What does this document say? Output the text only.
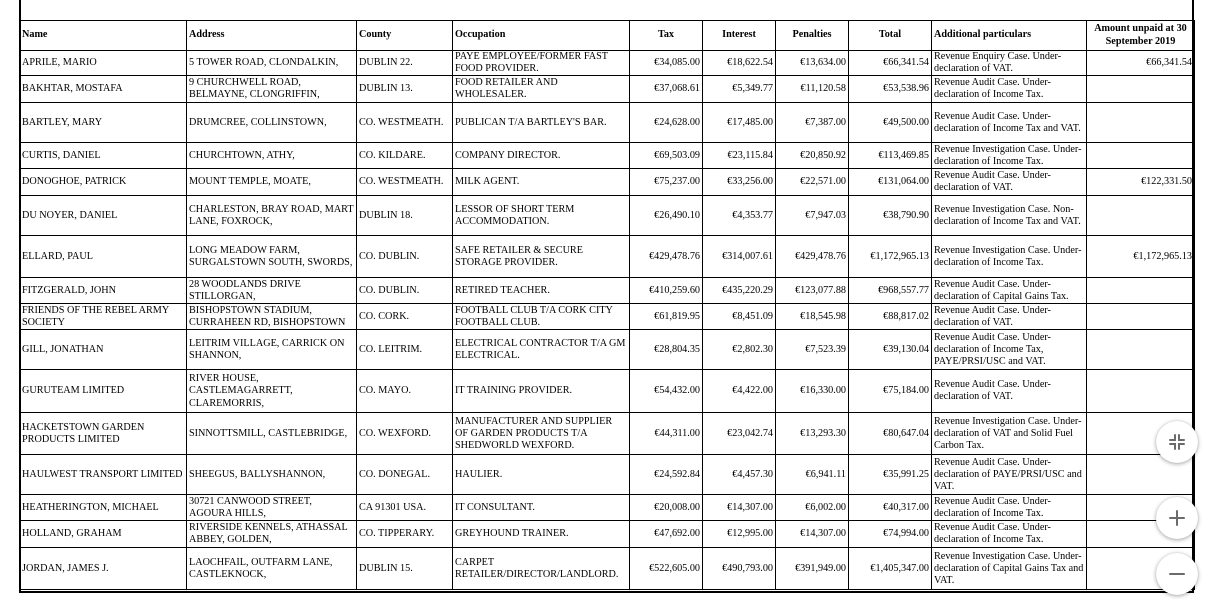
Name	Address	County	Occupation	Tax	Interest	Penalties	Total	Additional particulars	Amount unpaid at 30 September 2019
APRILE, MARIO	5 TOWER ROAD, CLONDALKIN,	DUBLIN 22.	PAYE EMPLOYEE/FORMER FAST FOOD PROVIDER.	€34,085.00	€18,622.54	€13,634.00	€66,341.54	Revenue Enquiry Case. Under-declaration of VAT.	€66,341.54
BAKHTAR, MOSTAFA	9 CHURCHWELL ROAD, BELMAYNE, CLONGRIFFIN,	DUBLIN 13.	FOOD RETAILER AND WHOLESALER.	€37,068.61	€5,349.77	€11,120.58	€53,538.96	Revenue Audit Case. Under-declaration of Income Tax.	
BARTLEY, MARY	DRUMCREE, COLLINSTOWN,	CO. WESTMEATH.	PUBLICAN T/A BARTLEY'S BAR.	€24,628.00	€17,485.00	€7,387.00	€49,500.00	Revenue Audit Case. Under-declaration of Income Tax and VAT.	
CURTIS, DANIEL	CHURCHTOWN, ATHY,	CO. KILDARE.	COMPANY DIRECTOR.	€69,503.09	€23,115.84	€20,850.92	€113,469.85	Revenue Investigation Case. Under-declaration of Income Tax.	
DONOGHOE, PATRICK	MOUNT TEMPLE, MOATE,	CO. WESTMEATH.	MILK AGENT.	€75,237.00	€33,256.00	€22,571.00	€131,064.00	Revenue Audit Case. Under-declaration of VAT.	€122,331.50
DU NOYER, DANIEL	CHARLESTON, BRAY ROAD, MART LANE, FOXROCK,	DUBLIN 18.	LESSOR OF SHORT TERM ACCOMMODATION.	€26,490.10	€4,353.77	€7,947.03	€38,790.90	Revenue Investigation Case. Non-declaration of Income Tax and VAT.	
ELLARD, PAUL	LONG MEADOW FARM, SURGALSTOWN SOUTH, SWORDS,	CO. DUBLIN.	SAFE RETAILER & SECURE STORAGE PROVIDER.	€429,478.76	€314,007.61	€429,478.76	€1,172,965.13	Revenue Investigation Case. Under-declaration of Income Tax.	€1,172,965.13
FITZGERALD, JOHN	28 WOODLANDS DRIVE STILLORGAN,	CO. DUBLIN.	RETIRED TEACHER.	€410,259.60	€435,220.29	€123,077.88	€968,557.77	Revenue Audit Case. Under-declaration of Capital Gains Tax.	
FRIENDS OF THE REBEL ARMY SOCIETY	BISHOPSTOWN STADIUM, CURRAHEEN RD, BISHOPSTOWN	CO. CORK.	FOOTBALL CLUB T/A CORK CITY FOOTBALL CLUB.	€61,819.95	€8,451.09	€18,545.98	€88,817.02	Revenue Audit Case. Under-declaration of VAT.	
GILL, JONATHAN	LEITRIM VILLAGE, CARRICK ON SHANNON,	CO. LEITRIM.	ELECTRICAL CONTRACTOR T/A GM ELECTRICAL.	€28,804.35	€2,802.30	€7,523.39	€39,130.04	Revenue Audit Case. Under-declaration of Income Tax, PAYE/PRSI/USC and VAT.	
GURUTEAM LIMITED	RIVER HOUSE, CASTLEMAGARRETT, CLAREMORRIS,	CO. MAYO.	IT TRAINING PROVIDER.	€54,432.00	€4,422.00	€16,330.00	€75,184.00	Revenue Audit Case. Under-declaration of VAT.	
HACKETSTOWN GARDEN PRODUCTS LIMITED	SINNOTTSMILL, CASTLEBRIDGE,	CO. WEXFORD.	MANUFACTURER AND SUPPLIER OF GARDEN PRODUCTS T/A SHEDWORLD WEXFORD.	€44,311.00	€23,042.74	€13,293.30	€80,647.04	Revenue Investigation Case. Under-declaration of VAT and Solid Fuel Carbon Tax.	
HAULWEST TRANSPORT LIMITED	SHEEGUS, BALLYSHANNON,	CO. DONEGAL.	HAULIER.	€24,592.84	€4,457.30	€6,941.11	€35,991.25	Revenue Audit Case. Under-declaration of PAYE/PRSI/USC and VAT.	
HEATHERINGTON, MICHAEL	30721 CANWOOD STREET, AGOURA HILLS,	CA 91301 USA.	IT CONSULTANT.	€20,008.00	€14,307.00	€6,002.00	€40,317.00	Revenue Audit Case. Under-declaration of Income Tax.	
HOLLAND, GRAHAM	RIVERSIDE KENNELS, ATHASSAL ABBEY, GOLDEN,	CO. TIPPERARY.	GREYHOUND TRAINER.	€47,692.00	€12,995.00	€14,307.00	€74,994.00	Revenue Audit Case. Under-declaration of Income Tax.	
JORDAN, JAMES J.	LAOCHFAIL, OUTFARM LANE, CASTLEKNOCK,	DUBLIN 15.	CARPET RETAILER/DIRECTOR/LANDLORD.	€522,605.00	€490,793.00	€391,949.00	€1,405,347.00	Revenue Investigation Case. Under-declaration of Capital Gains Tax and VAT.	
